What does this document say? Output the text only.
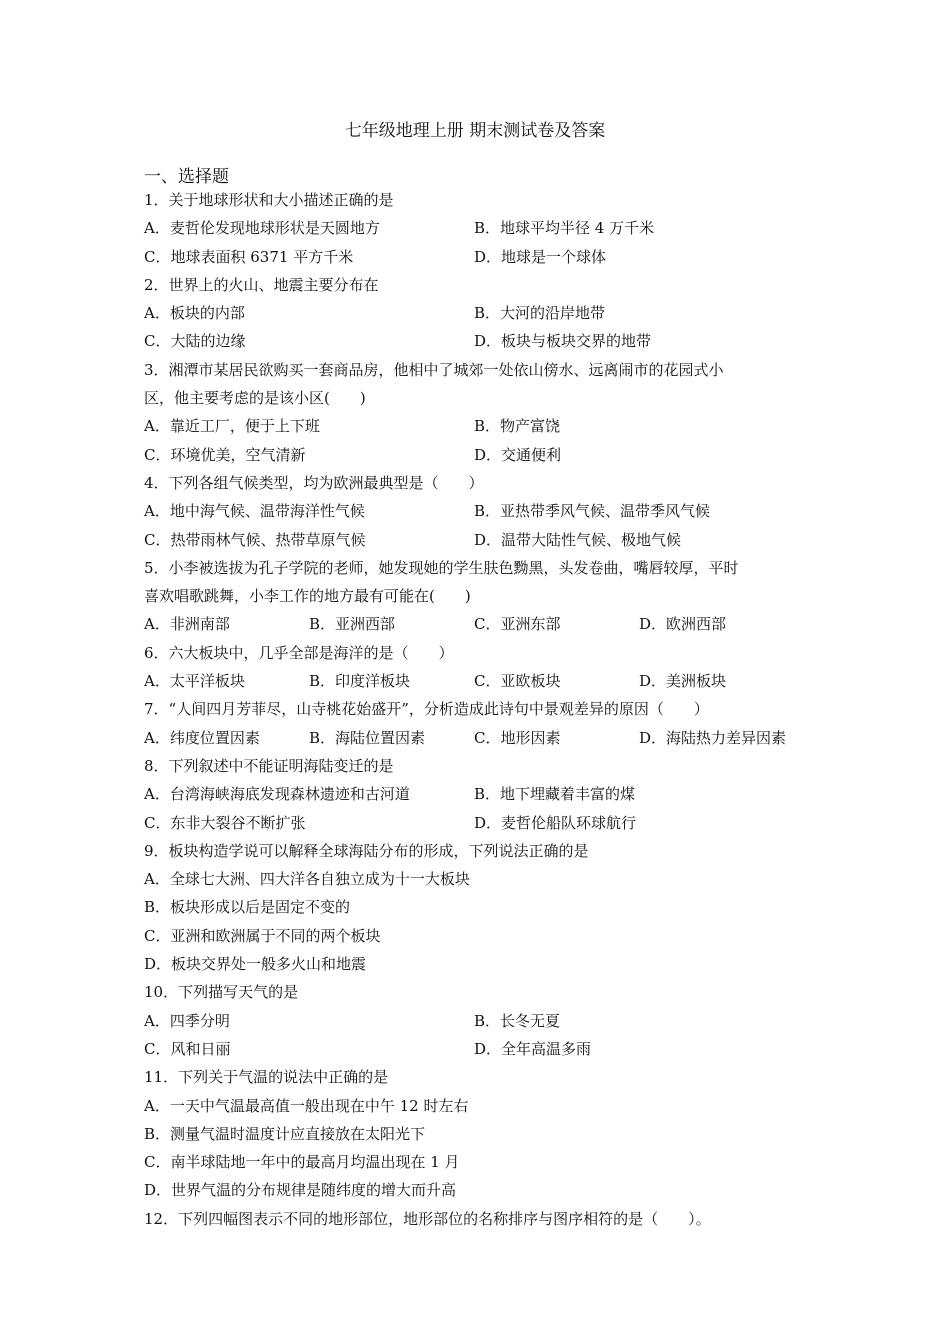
七年级地理上册 期末测试卷及答案
一、选择题
1．关于地球形状和大小描述正确的是
A．麦哲伦发现地球形状是天圆地方	B．地球平均半径 4 万千米
C．地球表面积 6371 平方千米	D．地球是一个球体
2．世界上的火山、地震主要分布在
A．板块的内部	B．大河的沿岸地带
C．大陆的边缘	D．板块与板块交界的地带
3．湘潭市某居民欲购买一套商品房，他相中了城郊一处依山傍水、远离闹市的花园式小
区，他主要考虑的是该小区(　　)
A．靠近工厂，便于上下班	B．物产富饶
C．环境优美，空气清新	D．交通便利
4．下列各组气候类型，均为欧洲最典型是（　　）
A．地中海气候、温带海洋性气候	B．亚热带季风气候、温带季风气候
C．热带雨林气候、热带草原气候	D．温带大陆性气候、极地气候
5．小李被选拔为孔子学院的老师，她发现她的学生肤色黝黑，头发卷曲，嘴唇较厚，平时
喜欢唱歌跳舞，小李工作的地方最有可能在(　　)
A．非洲南部	B．亚洲西部	C．亚洲东部	D．欧洲西部
6．六大板块中，几乎全部是海洋的是（　　）
A．太平洋板块	B．印度洋板块	C．亚欧板块	D．美洲板块
7．“人间四月芳菲尽，山寺桃花始盛开”，分析造成此诗句中景观差异的原因（　　）
A．纬度位置因素	B．海陆位置因素	C．地形因素	D．海陆热力差异因素
8．下列叙述中不能证明海陆变迁的是
A．台湾海峡海底发现森林遗迹和古河道	B．地下埋藏着丰富的煤
C．东非大裂谷不断扩张	D．麦哲伦船队环球航行
9．板块构造学说可以解释全球海陆分布的形成，下列说法正确的是
A．全球七大洲、四大洋各自独立成为十一大板块
B．板块形成以后是固定不变的
C．亚洲和欧洲属于不同的两个板块
D．板块交界处一般多火山和地震
10．下列描写天气的是
A．四季分明	B．长冬无夏
C．风和日丽	D．全年高温多雨
11．下列关于气温的说法中正确的是
A．一天中气温最高值一般出现在中午 12 时左右
B．测量气温时温度计应直接放在太阳光下
C．南半球陆地一年中的最高月均温出现在 1 月
D．世界气温的分布规律是随纬度的增大而升高
12．下列四幅图表示不同的地形部位，地形部位的名称排序与图序相符的是（　　）。
